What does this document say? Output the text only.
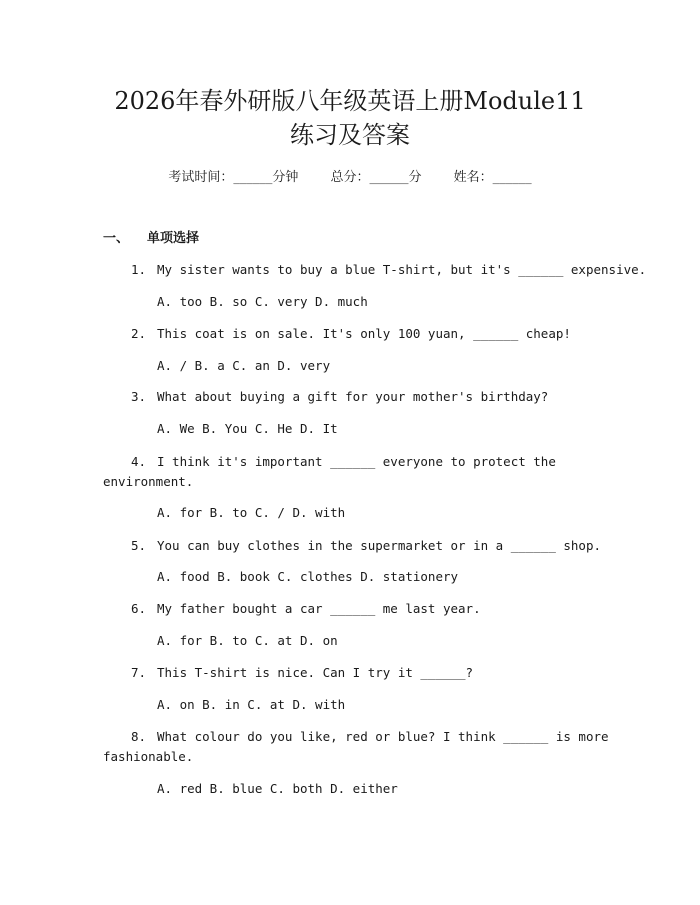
2026年春外研版八年级英语上册Module11
练习及答案
考试时间：______分钟 总分：______分 姓名：______
一、 单项选择
1. My sister wants to buy a blue T-shirt, but it's ______ expensive.
A. too B. so C. very D. much
2. This coat is on sale. It's only 100 yuan, ______ cheap!
A. / B. a C. an D. very
3. What about buying a gift for your mother's birthday?
A. We B. You C. He D. It
4. I think it's important ______ everyone to protect the
environment.
A. for B. to C. / D. with
5. You can buy clothes in the supermarket or in a ______ shop.
A. food B. book C. clothes D. stationery
6. My father bought a car ______ me last year.
A. for B. to C. at D. on
7. This T-shirt is nice. Can I try it ______?
A. on B. in C. at D. with
8. What colour do you like, red or blue? I think ______ is more
fashionable.
A. red B. blue C. both D. either
